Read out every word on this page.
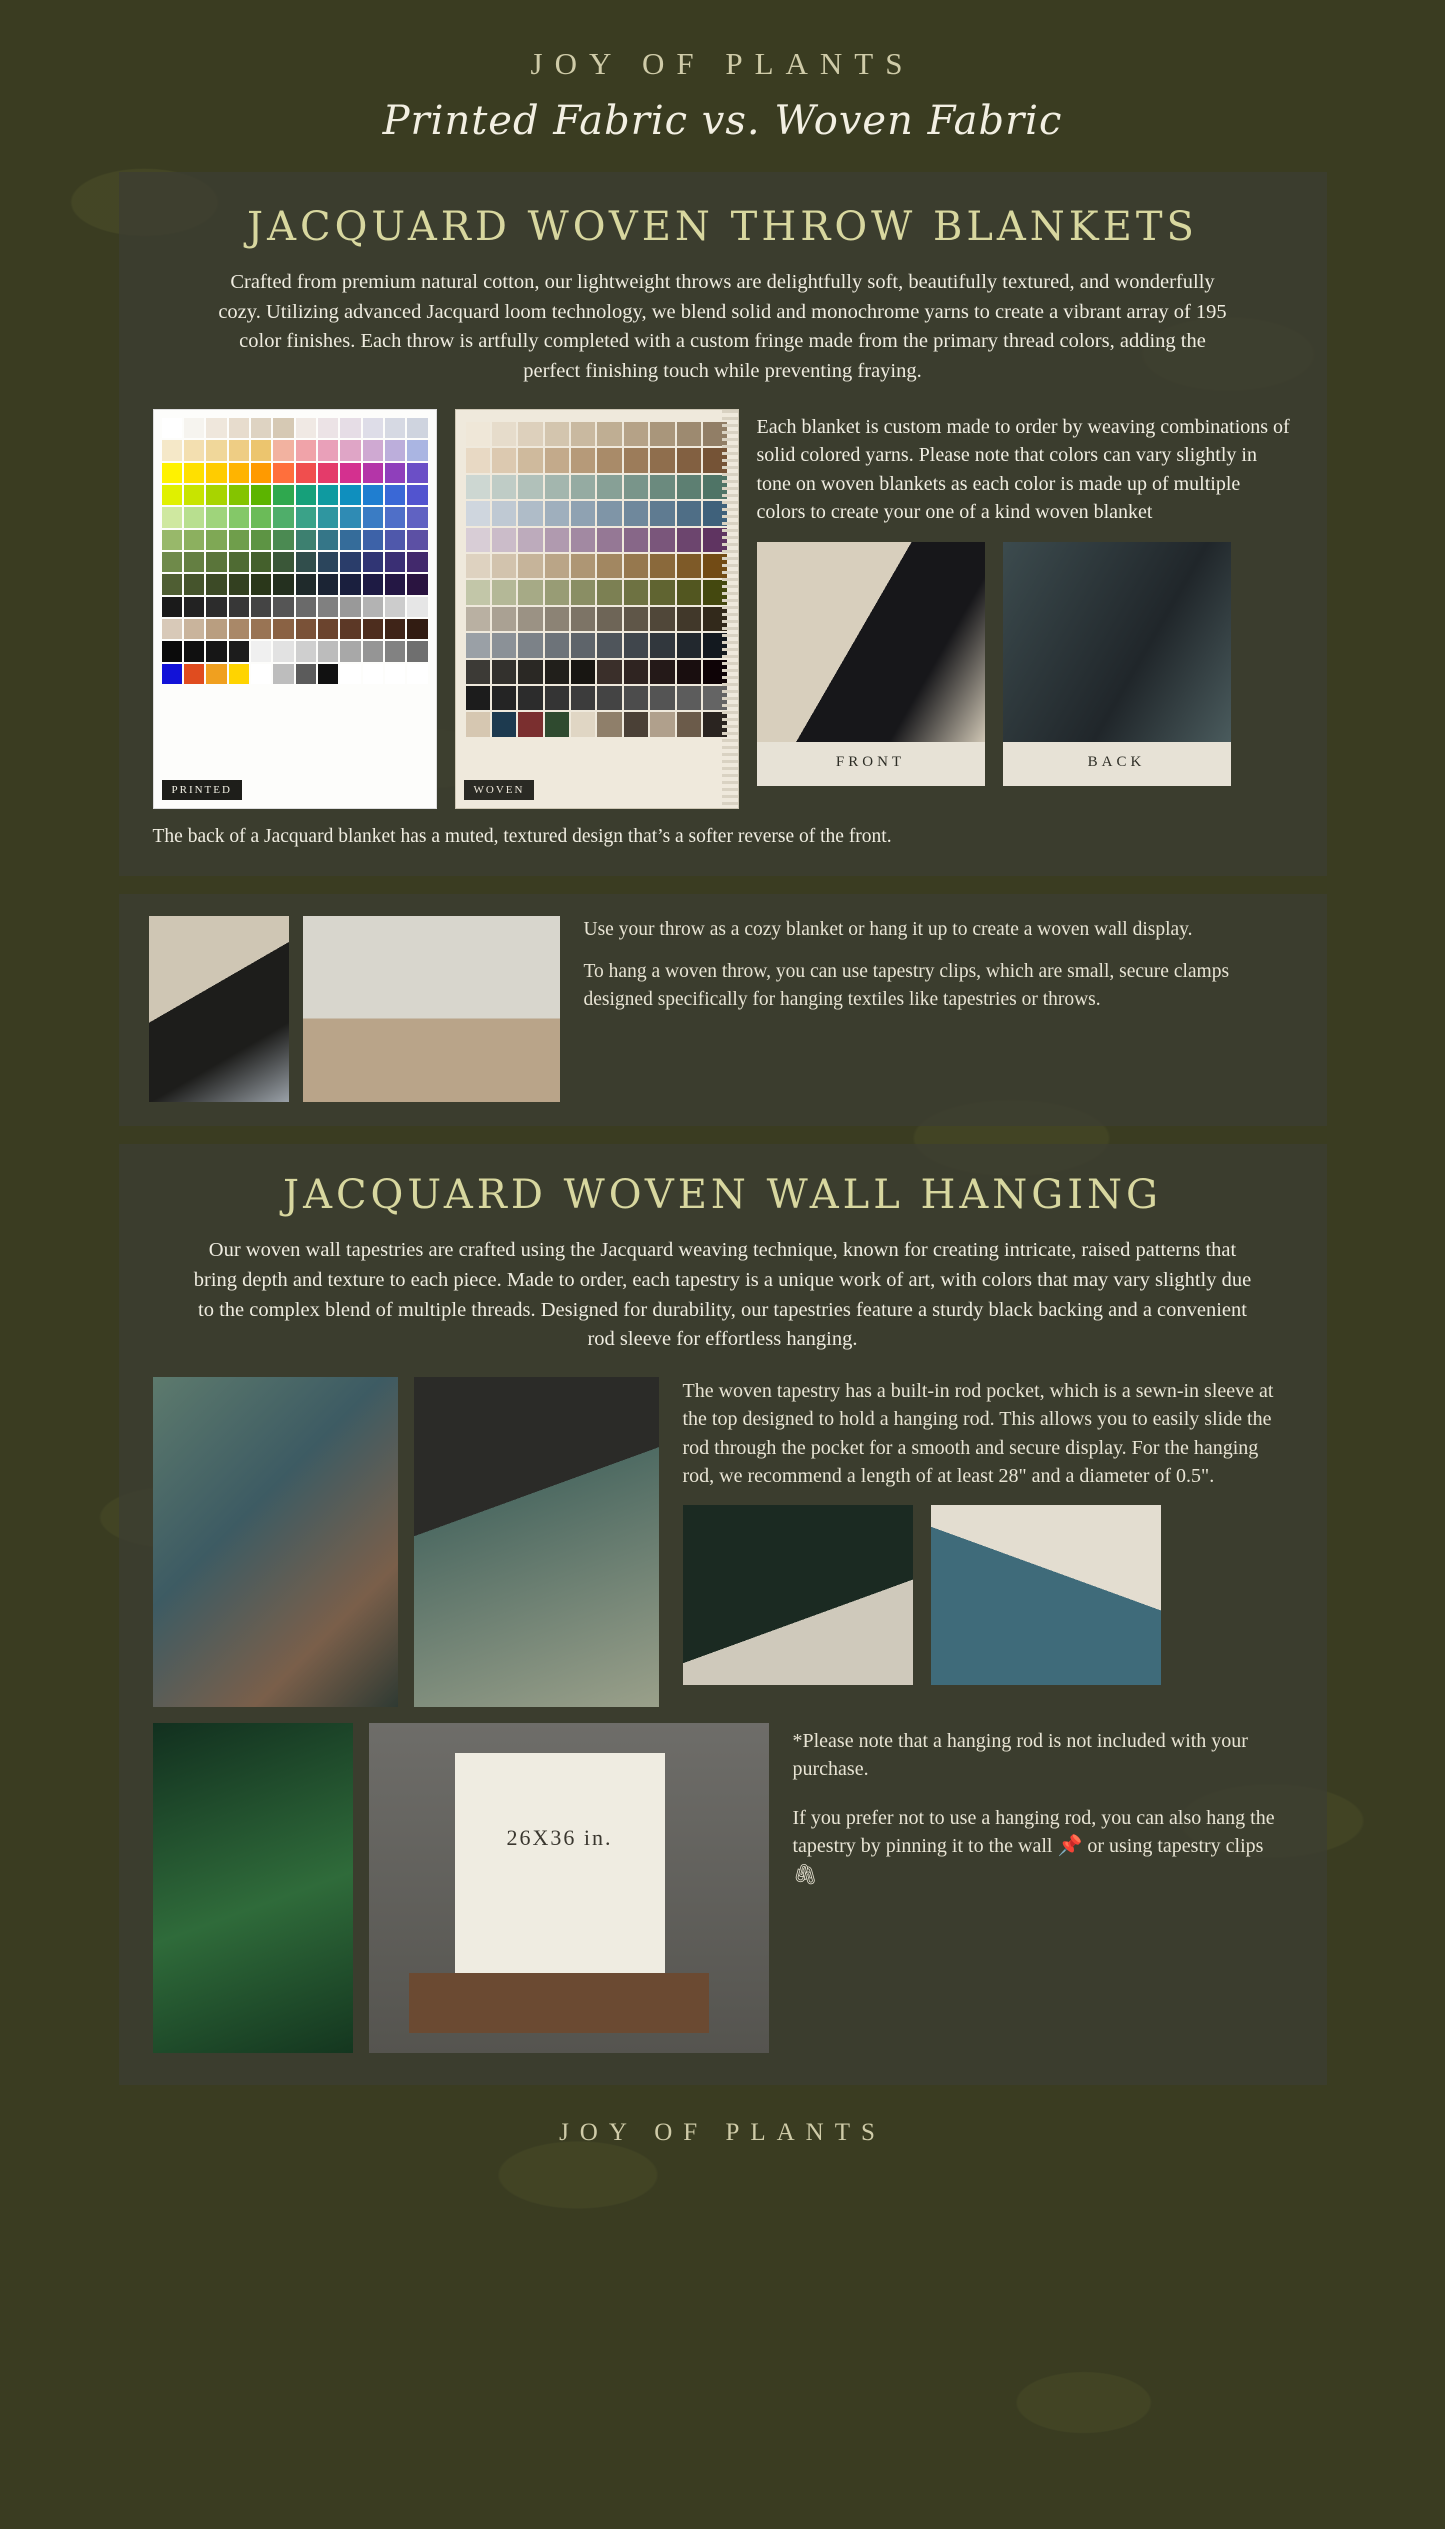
JOY OF PLANTS
Printed Fabric vs. Woven Fabric
JACQUARD WOVEN THROW BLANKETS

Crafted from premium natural cotton, our lightweight throws are delightfully soft, beautifully textured, and wonderfully cozy. Utilizing advanced Jacquard loom technology, we blend solid and monochrome yarns to create a vibrant array of 195 color finishes. Each throw is artfully completed with a custom fringe made from the primary thread colors, adding the perfect finishing touch while preventing fraying.

PRINTED	WOVEN
Each blanket is custom made to order by weaving combinations of solid colored yarns. Please note that colors can vary slightly in tone on woven blankets as each color is made up of multiple colors to create your one of a kind woven blanket
FRONT	BACK
The back of a Jacquard blanket has a muted, textured design that’s a softer reverse of the front.

Use your throw as a cozy blanket or hang it up to create a woven wall display.

To hang a woven throw, you can use tapestry clips, which are small, secure clamps designed specifically for hanging textiles like tapestries or throws.

JACQUARD WOVEN WALL HANGING

Our woven wall tapestries are crafted using the Jacquard weaving technique, known for creating intricate, raised patterns that bring depth and texture to each piece. Made to order, each tapestry is a unique work of art, with colors that may vary slightly due to the complex blend of multiple threads. Designed for durability, our tapestries feature a sturdy black backing and a convenient rod sleeve for effortless hanging.

The woven tapestry has a built-in rod pocket, which is a sewn-in sleeve at the top designed to hold a hanging rod. This allows you to easily slide the rod through the pocket for a smooth and secure display. For the hanging rod, we recommend a length of at least 28" and a diameter of 0.5".
26X36 in.

*Please note that a hanging rod is not included with your purchase.

If you prefer not to use a hanging rod, you can also hang the tapestry by pinning it to the wall 📌 or using tapestry clips 🖇

JOY OF PLANTS
